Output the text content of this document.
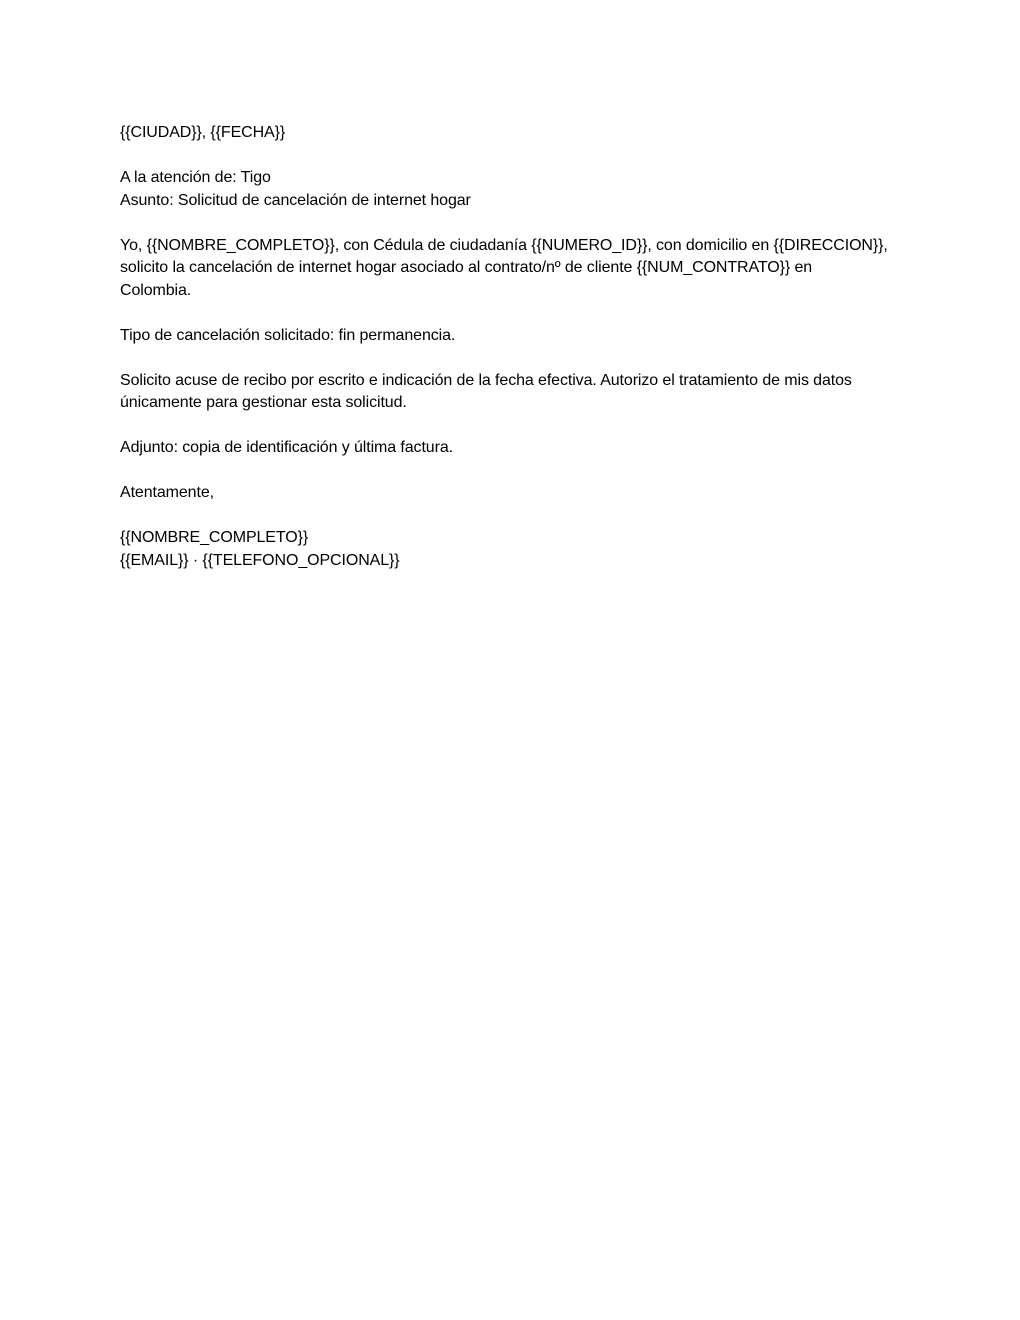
{{CIUDAD}}, {{FECHA}}

A la atención de: Tigo
Asunto: Solicitud de cancelación de internet hogar

Yo, {{NOMBRE_COMPLETO}}, con Cédula de ciudadanía {{NUMERO_ID}}, con domicilio en {{DIRECCION}},
solicito la cancelación de internet hogar asociado al contrato/nº de cliente {{NUM_CONTRATO}} en
Colombia.

Tipo de cancelación solicitado: fin permanencia.

Solicito acuse de recibo por escrito e indicación de la fecha efectiva. Autorizo el tratamiento de mis datos
únicamente para gestionar esta solicitud.

Adjunto: copia de identificación y última factura.

Atentamente,

{{NOMBRE_COMPLETO}}
{{EMAIL}} · {{TELEFONO_OPCIONAL}}
